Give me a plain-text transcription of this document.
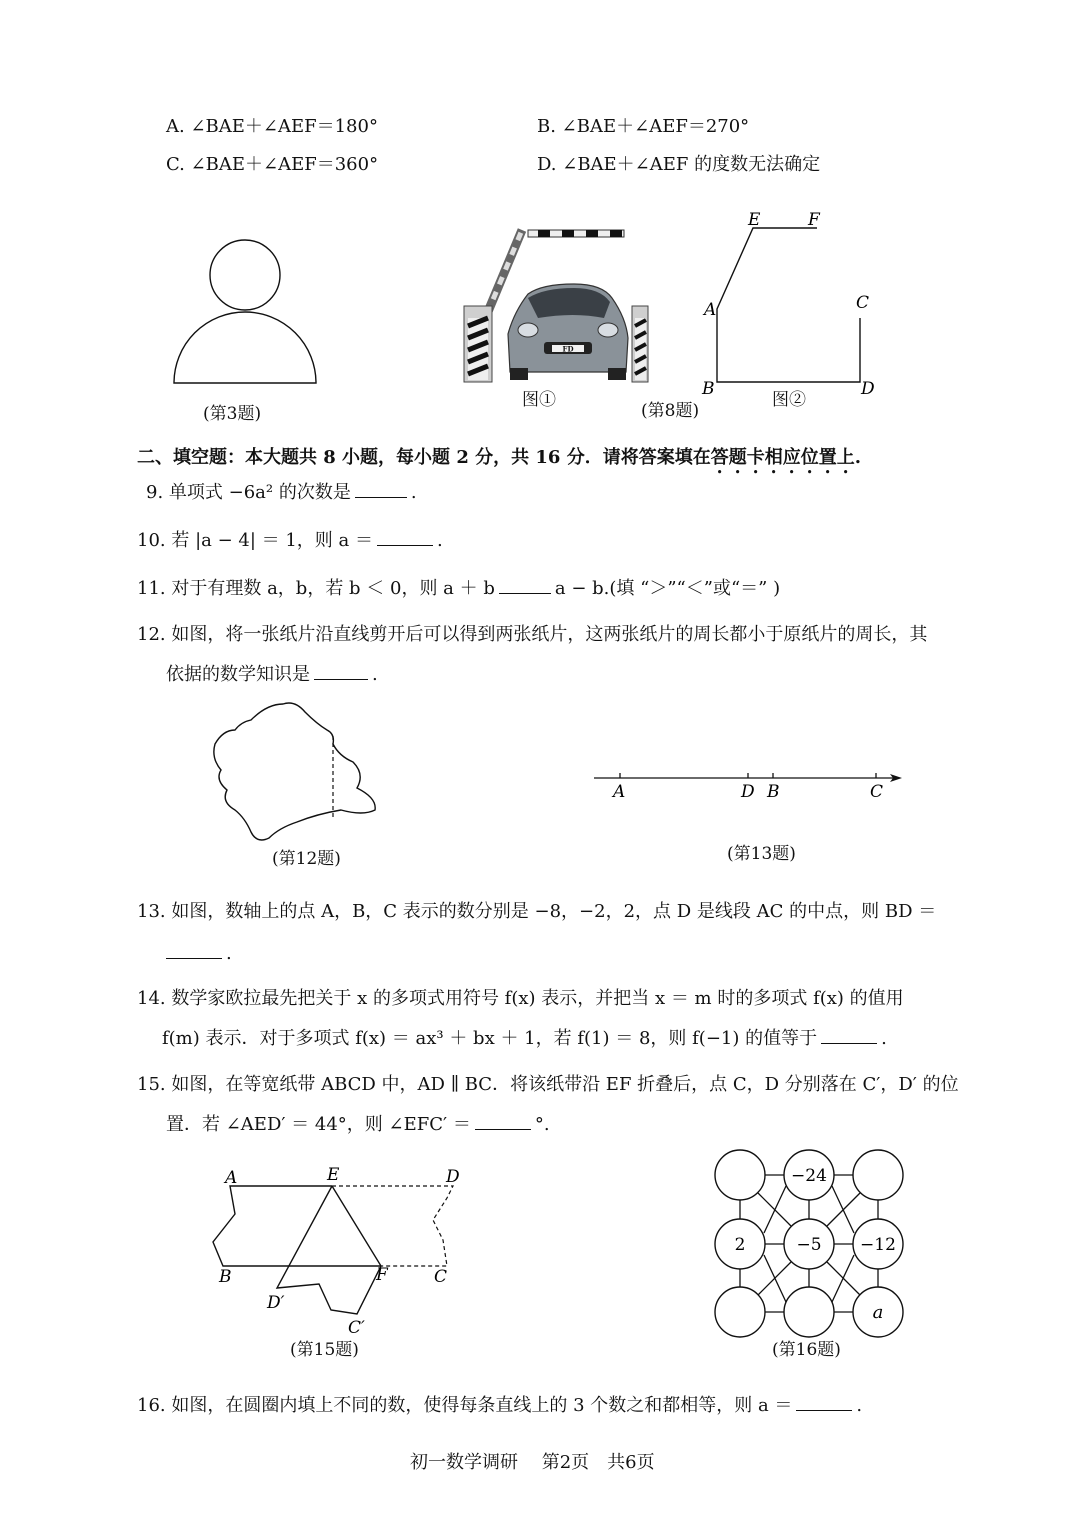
A. ∠BAE＋∠AEF＝180°	B. ∠BAE＋∠AEF＝270°
C. ∠BAE＋∠AEF＝360°	D. ∠BAE＋∠AEF 的度数无法确定
(第3题)
FD
图①
(第8题)
图②
E	F
A	C
B	D
二、填空题：本大题共 8 小题，每小题 2 分，共 16 分．请将答案填在答题卡相应位置上.
9. 单项式 −6a² 的次数是	.
10. 若 |a − 4| ＝ 1，则 a ＝	.
11. 对于有理数 a，b，若 b ＜ 0，则 a ＋ b	a − b.(填 “＞”“＜”或“＝” )
12. 如图，将一张纸片沿直线剪开后可以得到两张纸片，这两张纸片的周长都小于原纸片的周长，其
依据的数学知识是	.
(第12题)
A	D B	C
(第13题)
13. 如图，数轴上的点 A，B，C 表示的数分别是 −8，−2，2，点 D 是线段 AC 的中点，则 BD ＝
.
14. 数学家欧拉最先把关于 x 的多项式用符号 f(x) 表示，并把当 x ＝ m 时的多项式 f(x) 的值用
f(m) 表示．对于多项式 f(x) ＝ ax³ ＋ bx ＋ 1，若 f(1) ＝ 8，则 f(−1) 的值等于	.
15. 如图，在等宽纸带 ABCD 中，AD ∥ BC．将该纸带沿 EF 折叠后，点 C，D 分别落在 C′，D′ 的位
置．若 ∠AED′ ＝ 44°，则 ∠EFC′ ＝	°.
A	E	D
B	F	C
D′
C′
(第15题)
−24
2	−5 −12
a
(第16题)
16. 如图，在圆圈内填上不同的数，使得每条直线上的 3 个数之和都相等，则 a ＝	.
初一数学调研　 第2页　共6页
